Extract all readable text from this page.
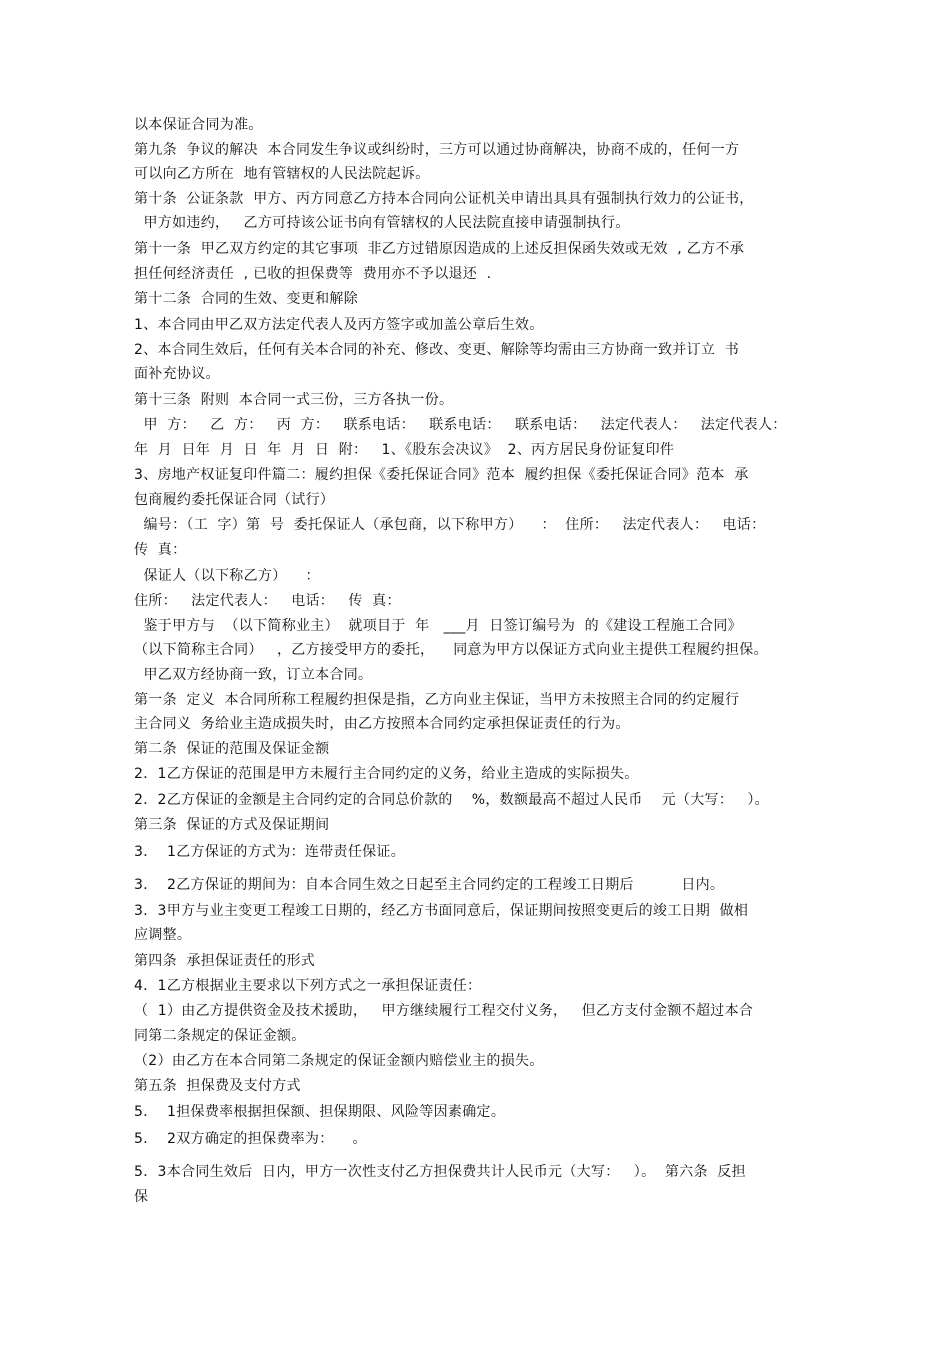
以本保证合同为准。
第九条  争议的解决  本合同发生争议或纠纷时，三方可以通过协商解决，协商不成的，任何一方
可以向乙方所在  地有管辖权的人民法院起诉。
第十条  公证条款  甲方、丙方同意乙方持本合同向公证机关申请出具具有强制执行效力的公证书，
甲方如违约，   乙方可持该公证书向有管辖权的人民法院直接申请强制执行。
第十一条  甲乙双方约定的其它事项  非乙方过错原因造成的上述反担保函失效或无效  , 乙方不承
担任何经济责任  , 已收的担保费等  费用亦不予以退还  .
第十二条  合同的生效、变更和解除
1、本合同由甲乙双方法定代表人及丙方签字或加盖公章后生效。
2、本合同生效后，任何有关本合同的补充、修改、变更、解除等均需由三方协商一致并订立  书
面补充协议。
第十三条  附则  本合同一式三份，三方各执一份。
甲  方：   乙  方：   丙  方：   联系电话：   联系电话：   联系电话：   法定代表人：   法定代表人：
年  月  日年  月  日  年  月  日  附：   1、《股东会决议》  2、丙方居民身份证复印件
3、房地产权证复印件篇二：履约担保《委托保证合同》范本  履约担保《委托保证合同》范本  承
包商履约委托保证合同（试行）
编号：（工  字）第  号  委托保证人（承包商，以下称甲方）    ：  住所：   法定代表人：   电话：
传  真：
保证人（以下称乙方）    ：
住所：   法定代表人：   电话：   传  真：
鉴于甲方与  （以下简称业主）  就项目于  年   ___月  日签订编号为  的《建设工程施工合同》
（以下简称主合同）   ，乙方接受甲方的委托，    同意为甲方以保证方式向业主提供工程履约担保。
甲乙双方经协商一致，订立本合同。
第一条  定义  本合同所称工程履约担保是指，乙方向业主保证，当甲方未按照主合同的约定履行
主合同义  务给业主造成损失时，由乙方按照本合同约定承担保证责任的行为。
第二条  保证的范围及保证金额
2．1乙方保证的范围是甲方未履行主合同约定的义务，给业主造成的实际损失。
2．2乙方保证的金额是主合同约定的合同总价款的    %，数额最高不超过人民币    元（大写：   ）。
第三条  保证的方式及保证期间
3．  1乙方保证的方式为：连带责任保证。
3．  2乙方保证的期间为：自本合同生效之日起至主合同约定的工程竣工日期后          日内。
3．3甲方与业主变更工程竣工日期的，经乙方书面同意后，保证期间按照变更后的竣工日期  做相
应调整。
第四条  承担保证责任的形式
4．1乙方根据业主要求以下列方式之一承担保证责任：
（  1）由乙方提供资金及技术援助，   甲方继续履行工程交付义务，   但乙方支付金额不超过本合
同第二条规定的保证金额。
（2）由乙方在本合同第二条规定的保证金额内赔偿业主的损失。
第五条  担保费及支付方式
5．  1担保费率根据担保额、担保期限、风险等因素确定。
5．  2双方确定的担保费率为：    。
5．3本合同生效后  日内，甲方一次性支付乙方担保费共计人民币元（大写：   ）。  第六条  反担
保
